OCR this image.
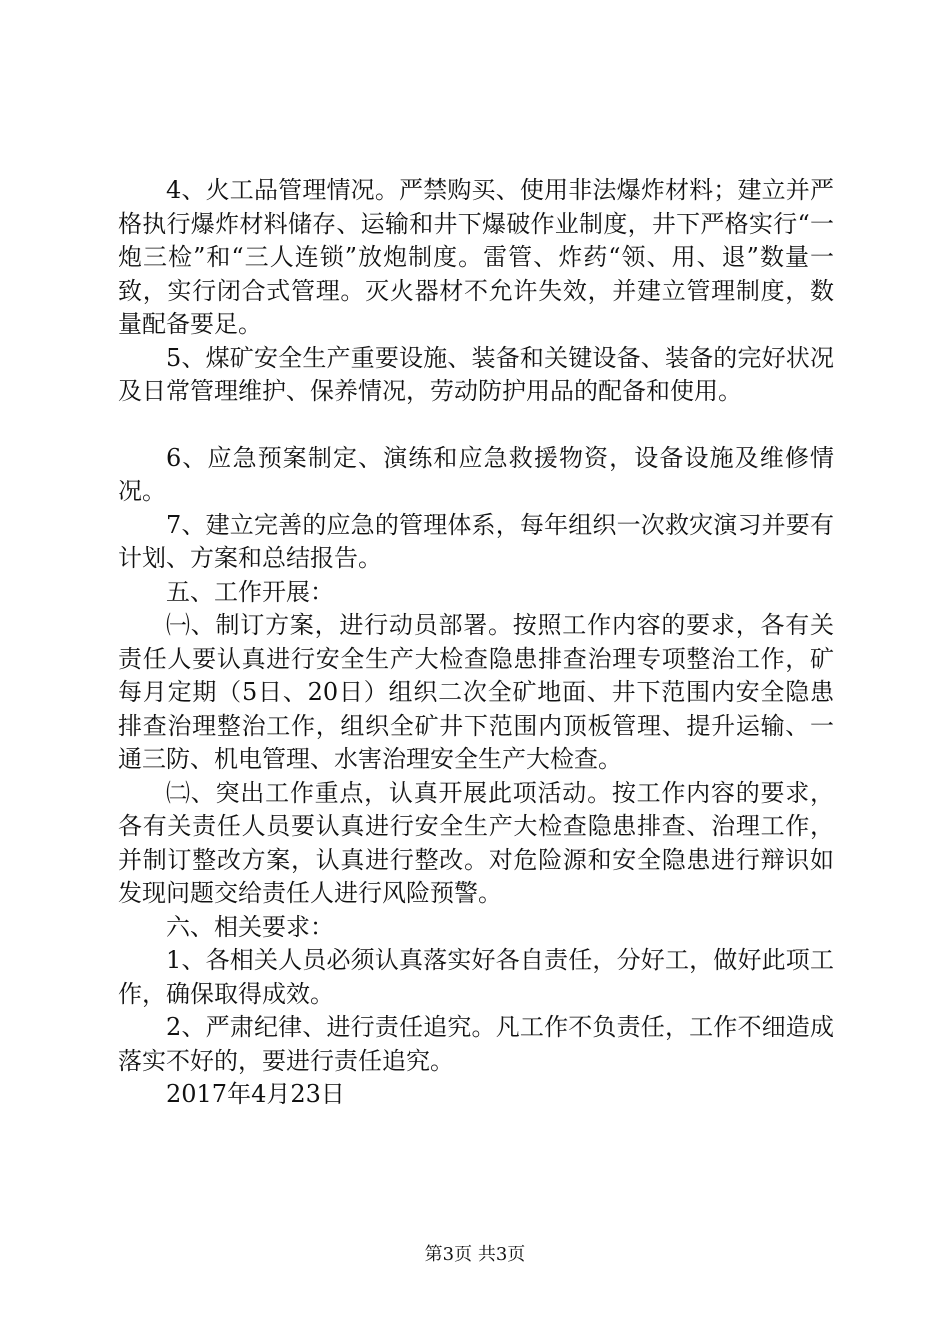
4、火工品管理情况。严禁购买、使用非法爆炸材料；建立并严格执行爆炸材料储存、运输和井下爆破作业制度，井下严格实行“一炮三检”和“三人连锁”放炮制度。雷管、炸药“领、用、退”数量一致，实行闭合式管理。灭火器材不允许失效，并建立管理制度，数量配备要足。

5、煤矿安全生产重要设施、装备和关键设备、装备的完好状况及日常管理维护、保养情况，劳动防护用品的配备和使用。

6、应急预案制定、演练和应急救援物资，设备设施及维修情况。

7、建立完善的应急的管理体系，每年组织一次救灾演习并要有计划、方案和总结报告。

五、工作开展：

㈠、制订方案，进行动员部署。按照工作内容的要求，各有关责任人要认真进行安全生产大检查隐患排查治理专项整治工作，矿每月定期（5日、20日）组织二次全矿地面、井下范围内安全隐患排查治理整治工作，组织全矿井下范围内顶板管理、提升运输、一通三防、机电管理、水害治理安全生产大检查。

㈡、突出工作重点，认真开展此项活动。按工作内容的要求，各有关责任人员要认真进行安全生产大检查隐患排查、治理工作，并制订整改方案，认真进行整改。对危险源和安全隐患进行辩识如发现问题交给责任人进行风险预警。

六、相关要求：

1、各相关人员必须认真落实好各自责任，分好工，做好此项工作，确保取得成效。

2、严肃纪律、进行责任追究。凡工作不负责任，工作不细造成落实不好的，要进行责任追究。

2017年4月23日

第3页 共3页
